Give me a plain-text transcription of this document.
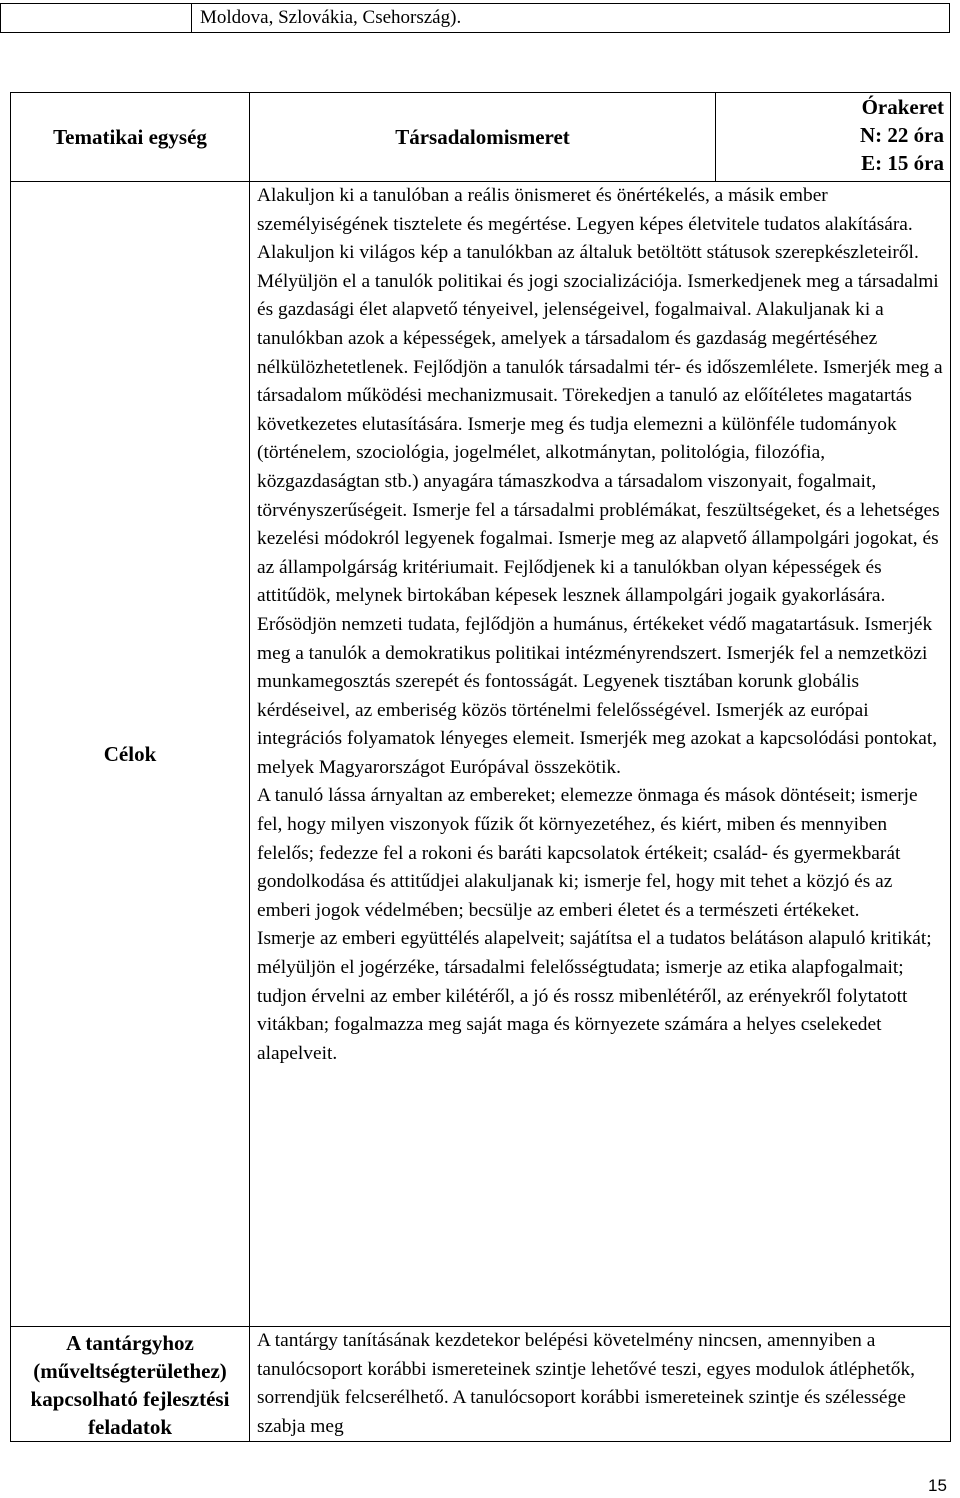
Moldova, Szlovákia, Csehország).
Tematikai egység	Társadalomismeret	Órakeret
N: 22 óra
E: 15 óra

Célok	Alakuljon ki a tanulóban a reális önismeret és önértékelés, a másik ember személyiségének tisztelete és megértése. Legyen képes életvitele tudatos alakítására. Alakuljon ki világos kép a tanulókban az általuk betöltött státusok szerepkészleteiről. Mélyüljön el a tanulók politikai és jogi szocializációja. Ismerkedjenek meg a társadalmi és gazdasági élet alapvető tényeivel, jelenségeivel, fogalmaival. Alakuljanak ki a tanulókban azok a képességek, amelyek a társadalom és gazdaság megértéséhez nélkülözhetetlenek. Fejlődjön a tanulók társadalmi tér- és időszemlélete. Ismerjék meg a társadalom működési mechanizmusait. Törekedjen a tanuló az előítéletes magatartás következetes elutasítására. Ismerje meg és tudja elemezni a különféle tudományok (történelem, szociológia, jogelmélet, alkotmánytan, politológia, filozófia, közgazdaságtan stb.) anyagára támaszkodva a társadalom viszonyait, fogalmait, törvényszerűségeit. Ismerje fel a társadalmi problémákat, feszültségeket, és a lehetséges kezelési módokról legyenek fogalmai. Ismerje meg az alapvető állampolgári jogokat, és az állampolgárság kritériumait. Fejlődjenek ki a tanulókban olyan képességek és attitűdök, melynek birtokában képesek lesznek állampolgári jogaik gyakorlására. Erősödjön nemzeti tudata, fejlődjön a humánus, értékeket védő magatartásuk. Ismerjék meg a tanulók a demokratikus politikai intézményrendszert. Ismerjék fel a nemzetközi munkamegosztás szerepét és fontosságát. Legyenek tisztában korunk globális kérdéseivel, az emberiség közös történelmi felelősségével. Ismerjék az európai integrációs folyamatok lényeges elemeit. Ismerjék meg azokat a kapcsolódási pontokat, melyek Magyarországot Európával összekötik.

A tanuló lássa árnyaltan az embereket; elemezze önmaga és mások döntéseit; ismerje fel, hogy milyen viszonyok fűzik őt környezetéhez, és kiért, miben és mennyiben felelős; fedezze fel a rokoni és baráti kapcsolatok értékeit; család- és gyermekbarát gondolkodása és attitűdjei alakuljanak ki; ismerje fel, hogy mit tehet a közjó és az emberi jogok védelmében; becsülje az emberi életet és a természeti értékeket.

Ismerje az emberi együttélés alapelveit; sajátítsa el a tudatos belátáson alapuló kritikát; mélyüljön el jogérzéke, társadalmi felelősségtudata; ismerje az etika alapfogalmait; tudjon érvelni az ember kilétéről, a jó és rossz mibenlétéről, az erényekről folytatott vitákban; fogalmazza meg saját maga és környezete számára a helyes cselekedet alapelveit.	

A tantárgyhoz (műveltségterülethez) kapcsolható fejlesztési feladatok	A tantárgy tanításának kezdetekor belépési követelmény nincsen, amennyiben a tanulócsoport korábbi ismereteinek szintje lehetővé teszi, egyes modulok átléphetők, sorrendjük felcserélhető. A tanulócsoport korábbi ismereteinek szintje és szélessége szabja meg	

15
